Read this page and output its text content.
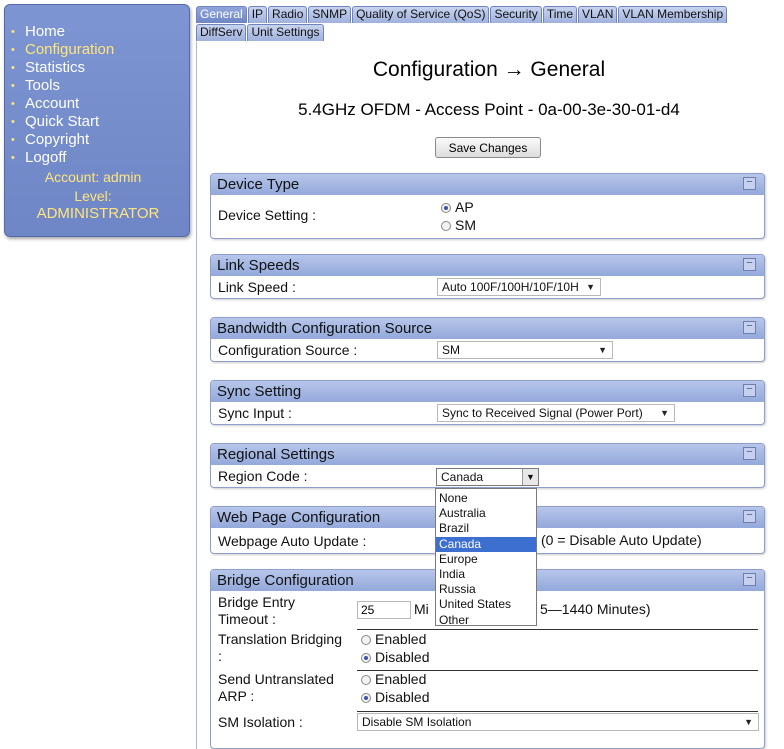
• Home
• Configuration
• Statistics
• Tools
• Account
• Quick Start
• Copyright
• Logoff
Account: admin
Level:
ADMINISTRATOR
General IP Radio SNMP Quality of Service (QoS) Security Time VLAN VLAN Membership
DiffServ Unit Settings
Configuration → General
5.4GHz OFDM - Access Point - 0a-00-3e-30-01-d4
Save Changes
Device Type	−
Device Setting :	AP
SM
Link Speeds	−
Link Speed :	Auto 100F/100H/10F/10H ▼
Bandwidth Configuration Source	−
Configuration Source :	SM	▼
Sync Setting	−
Sync Input :	Sync to Received Signal (Power Port) ▼
Regional Settings	−
Region Code :	Canada	▼
Web Page Configuration	−
Webpage Auto Update :	(0 = Disable Auto Update)
Bridge Configuration	−
Bridge Entry
Timeout :
25
Mi	5—1440 Minutes)
Translation Bridging
:
Enabled
Disabled
Send Untranslated
ARP :
Enabled
Disabled
SM Isolation :	Disable SM Isolation	▼
None
Australia
Brazil
Canada
Europe
India
Russia
United States
Other
